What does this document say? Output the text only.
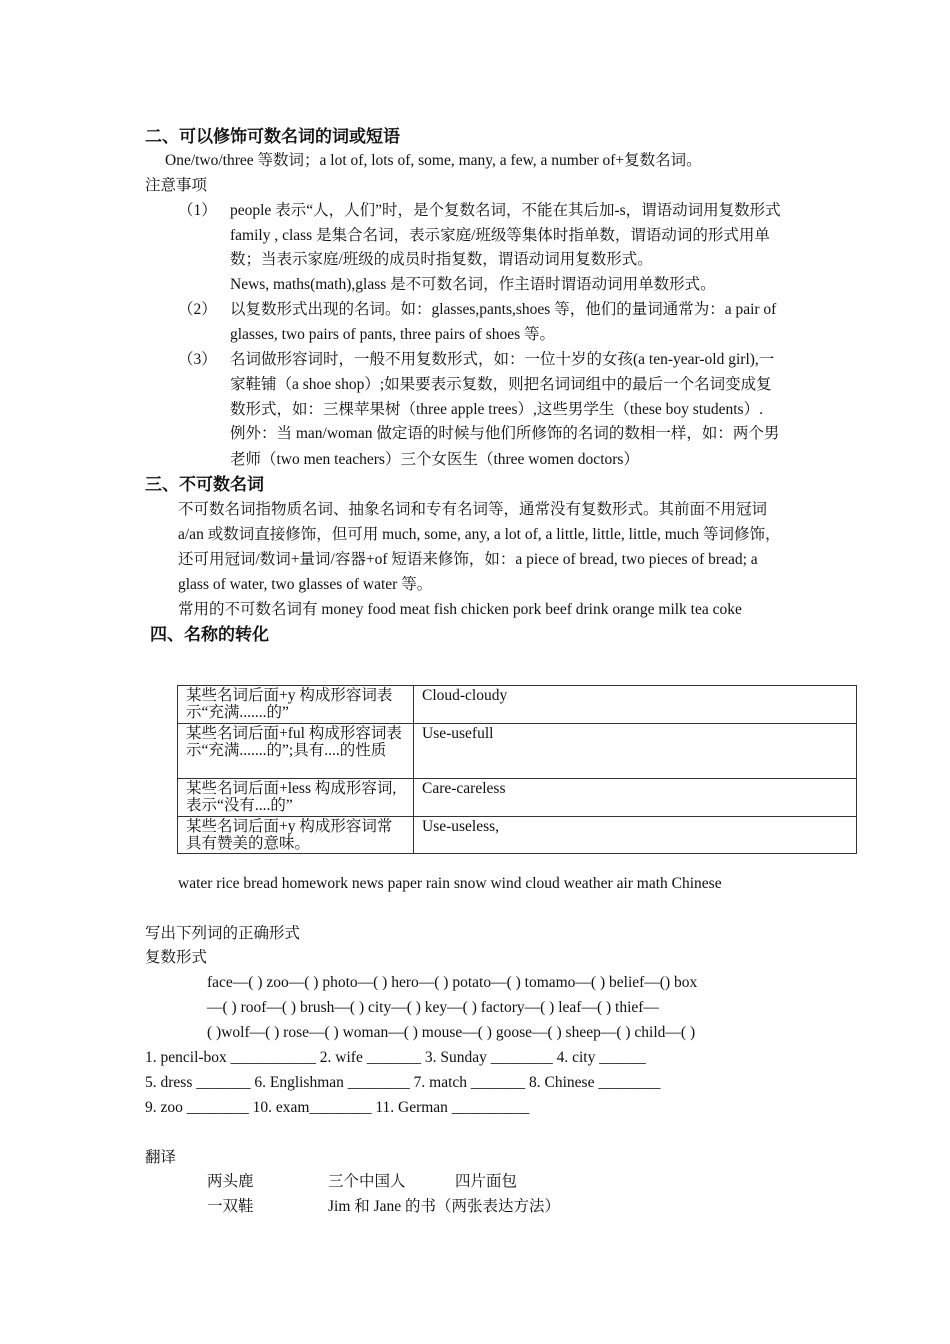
二、可以修饰可数名词的词或短语
One/two/three 等数词；a lot of, lots of, some, many, a few, a number of+复数名词。
注意事项
（1） people 表示“人，人们”时，是个复数名词，不能在其后加-s，谓语动词用复数形式
family , class 是集合名词，表示家庭/班级等集体时指单数，谓语动词的形式用单
数；当表示家庭/班级的成员时指复数，谓语动词用复数形式。
News, maths(math),glass 是不可数名词，作主语时谓语动词用单数形式。
（2） 以复数形式出现的名词。如：glasses,pants,shoes 等，他们的量词通常为：a pair of
glasses, two pairs of pants, three pairs of shoes 等。
（3） 名词做形容词时，一般不用复数形式，如：一位十岁的女孩(a ten-year-old girl),一
家鞋铺（a shoe shop）;如果要表示复数，则把名词词组中的最后一个名词变成复
数形式，如：三棵苹果树（three apple trees）,这些男学生（these boy students）.
例外：当 man/woman 做定语的时候与他们所修饰的名词的数相一样，如：两个男
老师（two men teachers）三个女医生（three women doctors）
三、不可数名词
不可数名词指物质名词、抽象名词和专有名词等，通常没有复数形式。其前面不用冠词
a/an 或数词直接修饰，但可用 much, some, any, a lot of, a little, little, little, much 等词修饰，
还可用冠词/数词+量词/容器+of 短语来修饰，如：a piece of bread, two pieces of bread; a
glass of water, two glasses of water 等。
常用的不可数名词有 money food meat fish chicken pork beef drink orange milk tea coke
四、名称的转化
某些名词后面+y 构成形容词表示“充满.......的”	Cloud-cloudy
某些名词后面+ful 构成形容词表示“充满.......的”;具有....的性质	Use-usefull
某些名词后面+less 构成形容词,表示“没有....的”	Care-careless
某些名词后面+y 构成形容词常具有赞美的意味。	Use-useless,
water rice bread homework news paper rain snow wind cloud weather air math Chinese
写出下列词的正确形式
复数形式
face—( ) zoo—( ) photo—( ) hero—( ) potato—( ) tomamo—( ) belief—() box
—( ) roof—( ) brush—( ) city—( ) key—( ) factory—( ) leaf—( ) thief—
( )wolf—( ) rose—( ) woman—( ) mouse—( ) goose—( ) sheep—( ) child—( )
1. pencil-box ___________ 2. wife _______ 3. Sunday ________ 4. city ______
5. dress _______ 6. Englishman ________ 7. match _______ 8. Chinese ________
9. zoo ________ 10. exam________ 11. German __________
翻译
两头鹿	三个中国人	四片面包
一双鞋	Jim 和 Jane 的书（两张表达方法）
